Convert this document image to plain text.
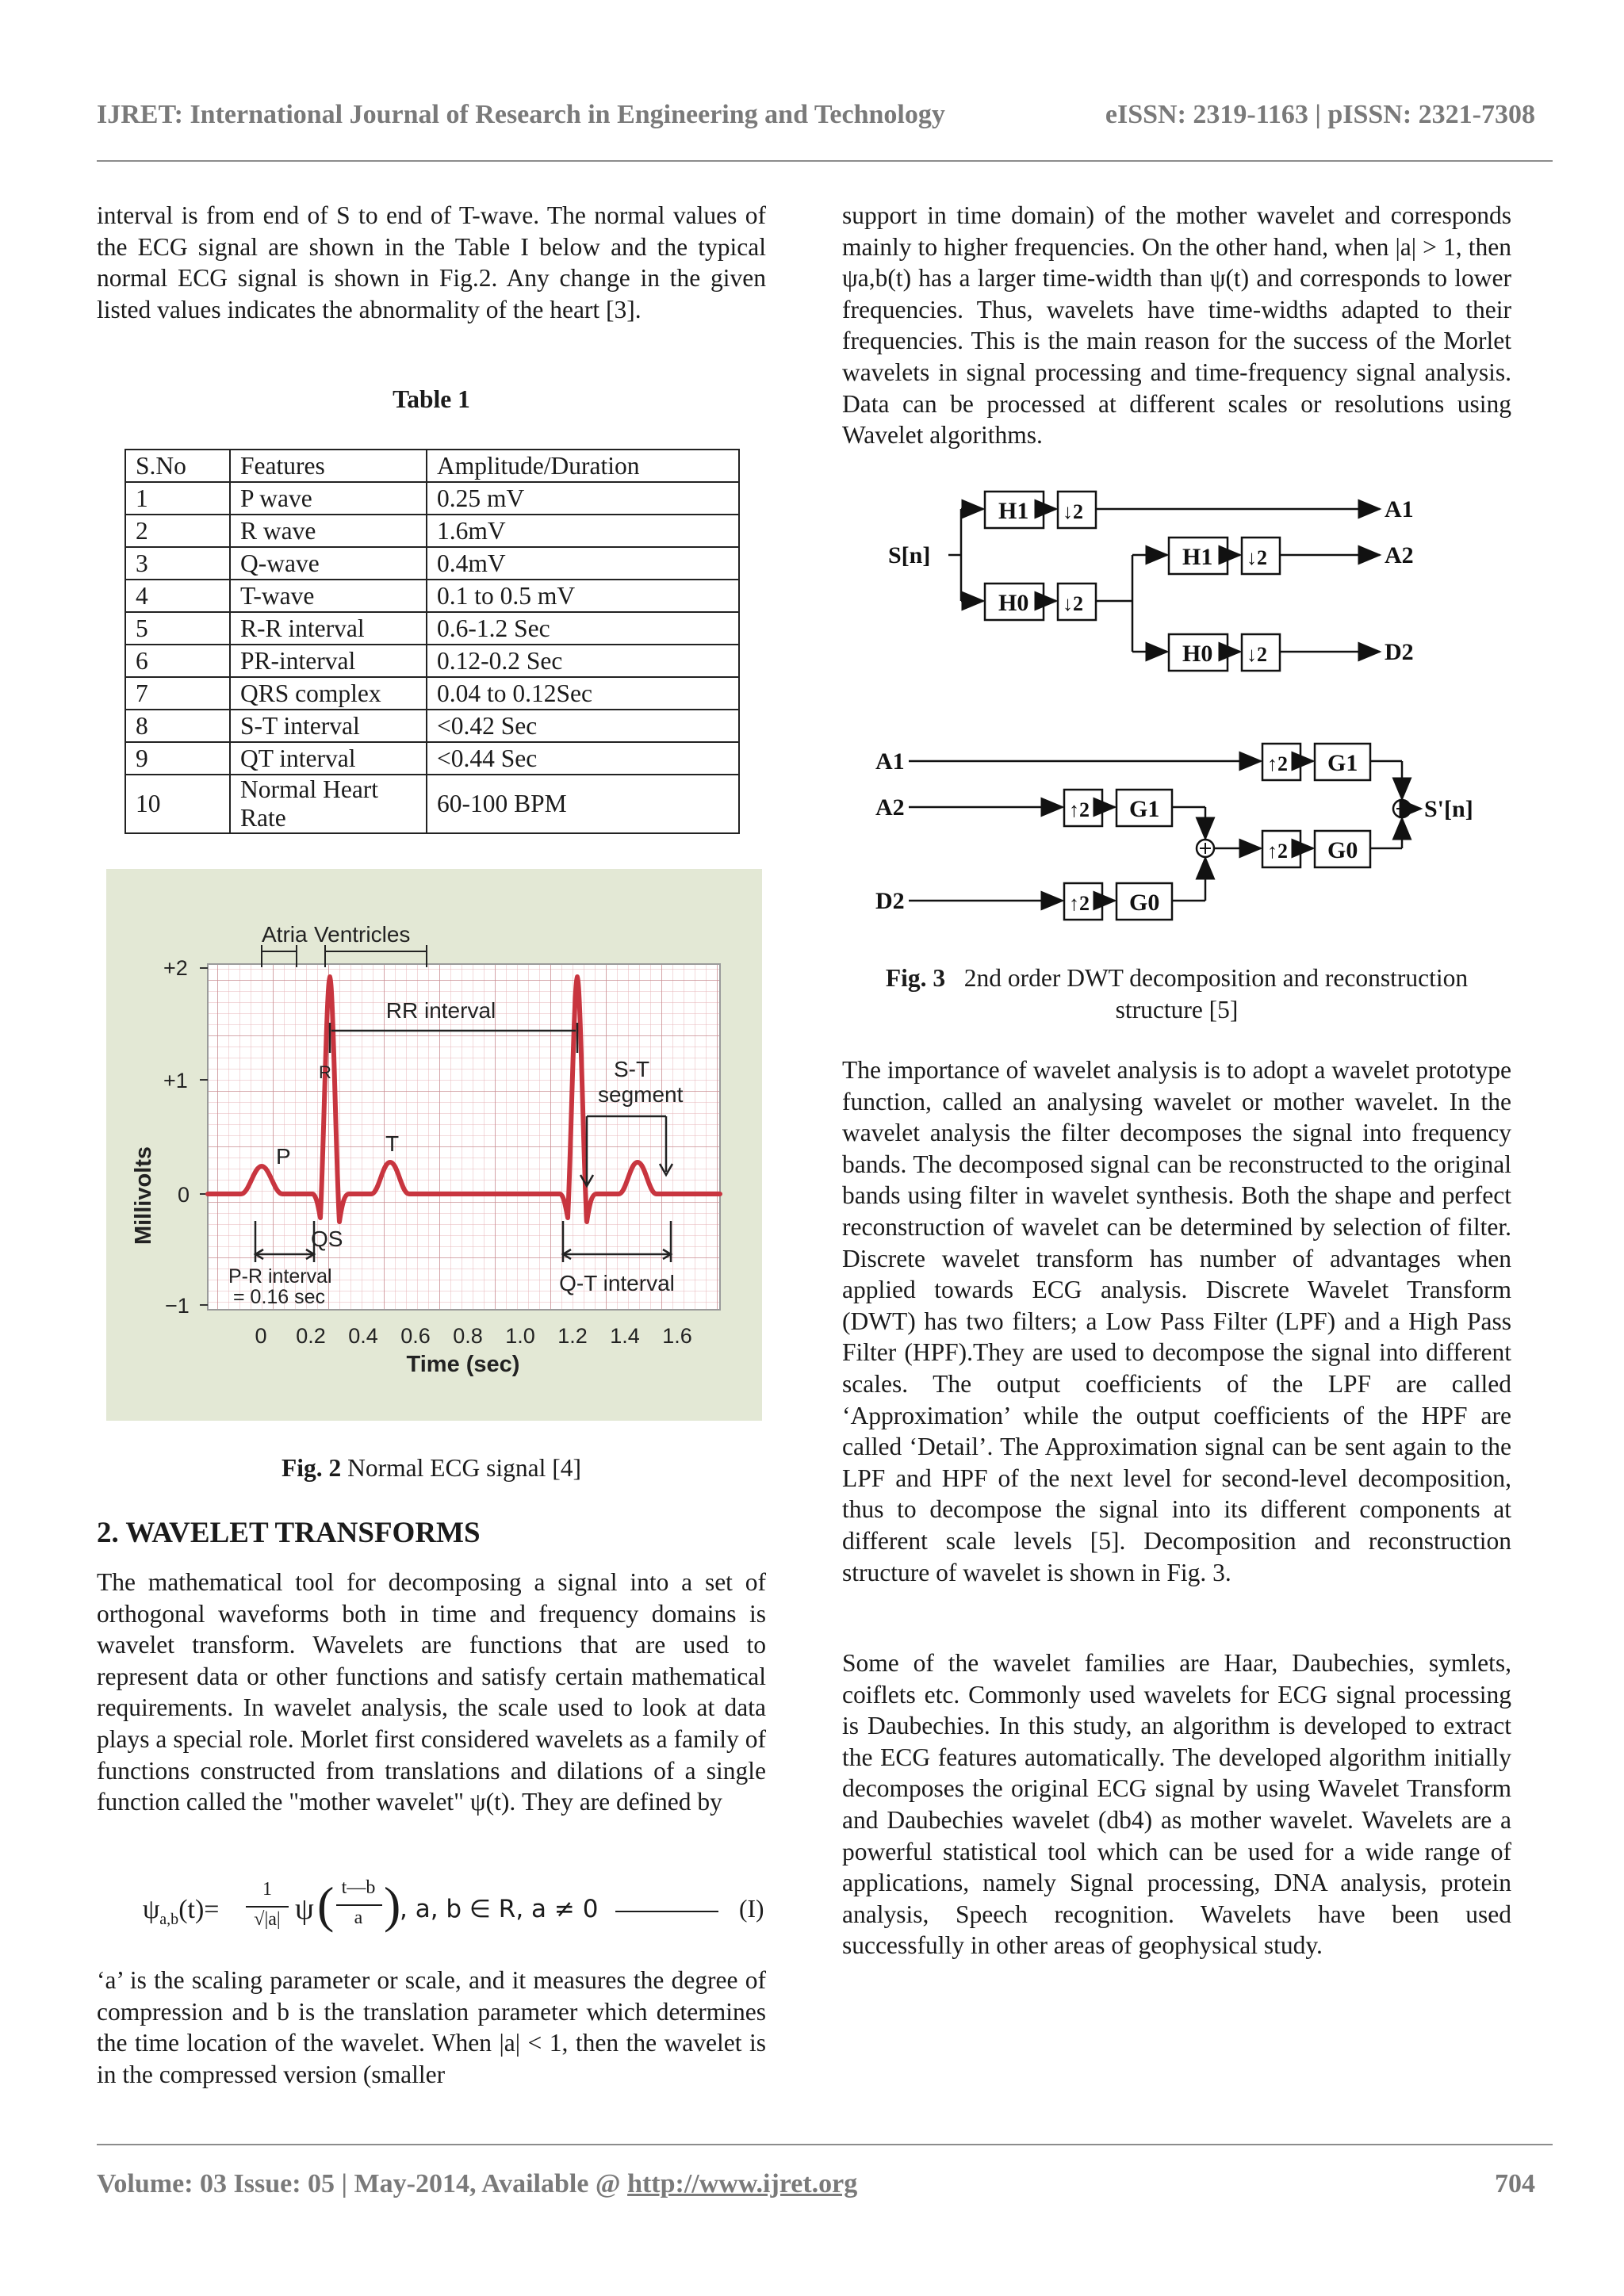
IJRET: International Journal of Research in Engineering and Technology	eISSN: 2319-1163 | pISSN: 2321-7308

interval is from end of S to end of T-wave. The normal values of the ECG signal are shown in the Table I below and the typical normal ECG signal is shown in Fig.2. Any change in the given listed values indicates the abnormality of the heart [3].

Table 1
S.No	Features	Amplitude/Duration
1	P wave	0.25 mV
2	R wave	1.6mV
3	Q-wave	0.4mV
4	T-wave	0.1 to 0.5 mV
5	R-R interval	0.6-1.2 Sec
6	PR-interval	0.12-0.2 Sec
7	QRS complex	0.04 to 0.12Sec
8	S-T interval	<0.42 Sec
9	QT interval	<0.44 Sec
10	Normal Heart Rate	60-100 BPM
+2
+1
0
−1
Millivolts
0 0.2 0.4 0.6 0.8 1.0 1.2 1.4 1.6
Time (sec)
Atria Ventricles
RR interval
R	S-T
segment
P
T
QS
P-R interval
= 0.16 sec
Q-T interval
Fig. 2 Normal ECG signal [4]
2. WAVELET TRANSFORMS

The mathematical tool for decomposing a signal into a set of orthogonal waveforms both in time and frequency domains is wavelet transform. Wavelets are functions that are used to represent data or other functions and satisfy certain mathematical requirements. In wavelet analysis, the scale used to look at data plays a special role. Morlet first considered wavelets as a family of functions constructed from translations and dilations of a single function called the "mother wavelet" ψ(t). They are defined by

$\psi_{a,b}(t)=$
1
√|a| ψ ( t—b
a )
, a, b ∈ R, a ≠ 0	(I)

‘a’ is the scaling parameter or scale, and it measures the degree of compression and b is the translation parameter which determines the time location of the wavelet. When |a| < 1, then the wavelet is in the compressed version (smaller

support in time domain) of the mother wavelet and corresponds mainly to higher frequencies. On the other hand, when |a| > 1, then ψa,b(t) has a larger time-width than ψ(t) and corresponds to lower frequencies. Thus, wavelets have time-widths adapted to their frequencies. This is the main reason for the success of the Morlet wavelets in signal processing and time-frequency signal analysis. Data can be processed at different scales or resolutions using Wavelet algorithms.

S[n]
H1 ↓2
H0 ↓2
H1 ↓2
H0 ↓2
A1
A2
D2
A1
A2
D2
↑2 G1
↑2 G1
↑2 G0
↑2 G0
S'[n]
Fig. 3 2nd order DWT decomposition and reconstruction structure [5]

The importance of wavelet analysis is to adopt a wavelet prototype function, called an analysing wavelet or mother wavelet. In the wavelet analysis the filter decomposes the signal into frequency bands. The decomposed signal can be reconstructed to the original bands using filter in wavelet synthesis. Both the shape and perfect reconstruction of wavelet can be determined by selection of filter. Discrete wavelet transform has number of advantages when applied towards ECG analysis. Discrete Wavelet Transform (DWT) has two filters; a Low Pass Filter (LPF) and a High Pass Filter (HPF).They are used to decompose the signal into different scales. The output coefficients of the LPF are called ‘Approximation’ while the output coefficients of the HPF are called ‘Detail’. The Approximation signal can be sent again to the LPF and HPF of the next level for second-level decomposition, thus to decompose the signal into its different components at different scale levels [5]. Decomposition and reconstruction structure of wavelet is shown in Fig. 3.

Some of the wavelet families are Haar, Daubechies, symlets, coiflets etc. Commonly used wavelets for ECG signal processing is Daubechies. In this study, an algorithm is developed to extract the ECG features automatically. The developed algorithm initially decomposes the original ECG signal by using Wavelet Transform and Daubechies wavelet (db4) as mother wavelet. Wavelets are a powerful statistical tool which can be used for a wide range of applications, namely Signal processing, DNA analysis, protein analysis, Speech recognition. Wavelets have been used successfully in other areas of geophysical study.

Volume: 03 Issue: 05 | May-2014, Available @ http://www.ijret.org	704
